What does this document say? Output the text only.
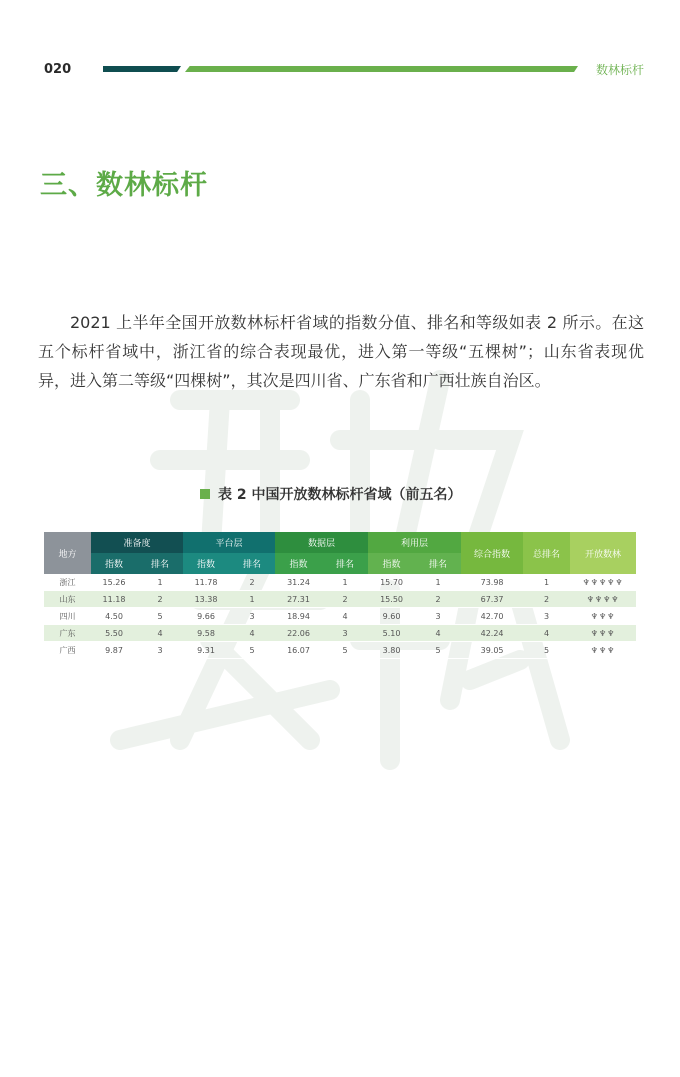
020	数林标杆
三、数林标杆

2021 上半年全国开放数林标杆省域的指数分值、排名和等级如表 2 所示。在这五个标杆省域中，浙江省的综合表现最优，进入第一等级“五棵树”；山东省表现优异，进入第二等级“四棵树”，其次是四川省、广东省和广西壮族自治区。

表 2 中国开放数林标杆省域（前五名）
地方	准备度		平台层		数据层		利用层		综合指数	总排名	开放数林
	指数	排名	指数	排名	指数	排名	指数	排名			
浙江	15.26	1	11.78	2	31.24	1	15.70	1	73.98	1	♆♆♆♆♆
山东	11.18	2	13.38	1	27.31	2	15.50	2	67.37	2	♆♆♆♆
四川	4.50	5	9.66	3	18.94	4	9.60	3	42.70	3	♆♆♆
广东	5.50	4	9.58	4	22.06	3	5.10	4	42.24	4	♆♆♆
广西	9.87	3	9.31	5	16.07	5	3.80	5	39.05	5	♆♆♆
